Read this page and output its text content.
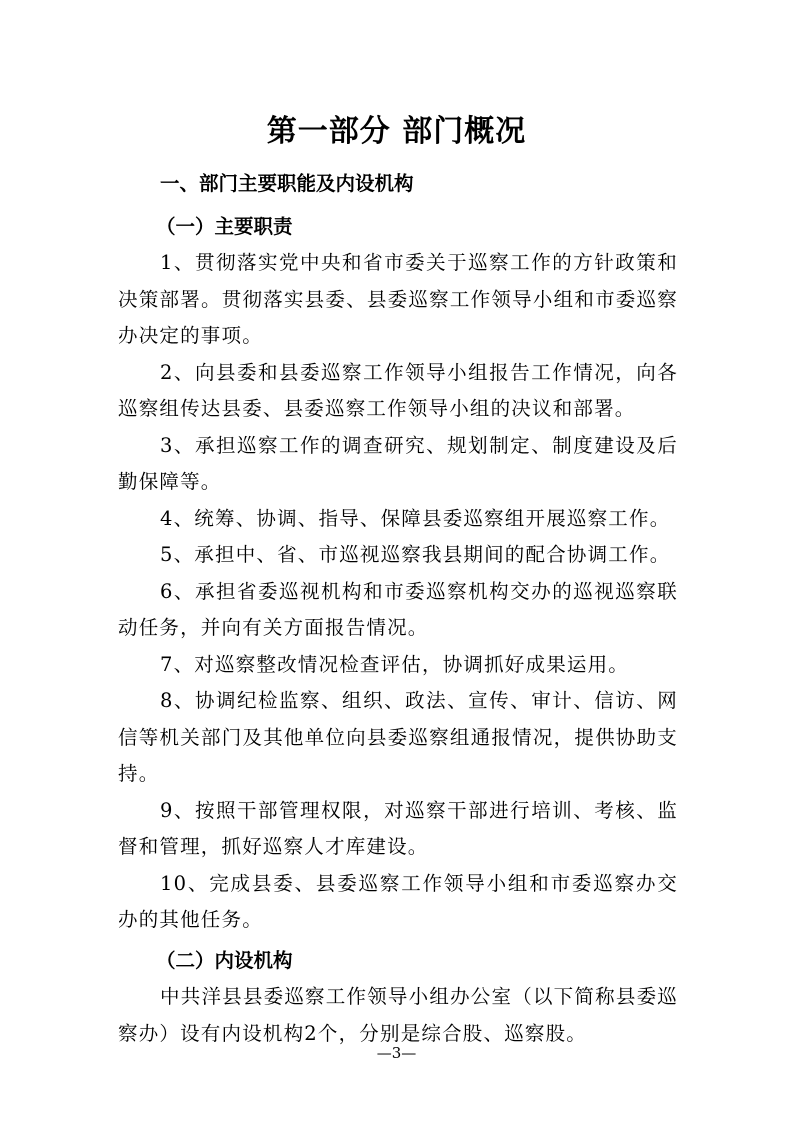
第一部分 部门概况

一、部门主要职能及内设机构

（一）主要职责

1、贯彻落实党中央和省市委关于巡察工作的方针政策和决策部署。贯彻落实县委、县委巡察工作领导小组和市委巡察办决定的事项。

2、向县委和县委巡察工作领导小组报告工作情况，向各巡察组传达县委、县委巡察工作领导小组的决议和部署。

3、承担巡察工作的调查研究、规划制定、制度建设及后勤保障等。

4、统筹、协调、指导、保障县委巡察组开展巡察工作。

5、承担中、省、市巡视巡察我县期间的配合协调工作。

6、承担省委巡视机构和市委巡察机构交办的巡视巡察联动任务，并向有关方面报告情况。

7、对巡察整改情况检查评估，协调抓好成果运用。

8、协调纪检监察、组织、政法、宣传、审计、信访、网信等机关部门及其他单位向县委巡察组通报情况，提供协助支持。

9、按照干部管理权限，对巡察干部进行培训、考核、监督和管理，抓好巡察人才库建设。

10、完成县委、县委巡察工作领导小组和市委巡察办交办的其他任务。

（二）内设机构

中共洋县县委巡察工作领导小组办公室（以下简称县委巡察办）设有内设机构2个，分别是综合股、巡察股。

—3—
